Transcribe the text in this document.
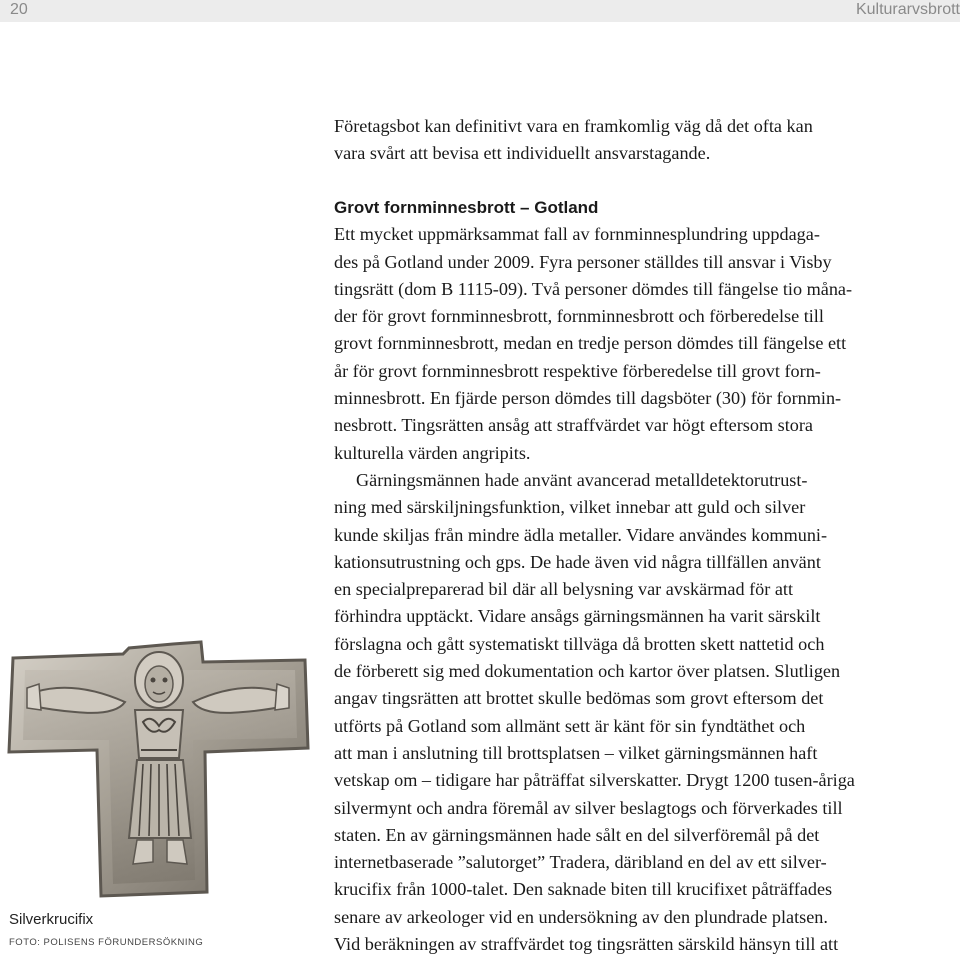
20	Kulturarvsbrott
Företagsbot kan definitivt vara en framkomlig väg då det ofta kan
vara svårt att bevisa ett individuellt ansvarstagande.
Grovt fornminnesbrott – Gotland
Ett mycket uppmärksammat fall av fornminnesplundring uppdaga-
des på Gotland under 2009. Fyra personer ställdes till ansvar i Visby
tingsrätt (dom B 1115-09). Två personer dömdes till fängelse tio måna-
der för grovt fornminnesbrott, fornminnesbrott och förberedelse till
grovt fornminnesbrott, medan en tredje person dömdes till fängelse ett
år för grovt fornminnesbrott respektive förberedelse till grovt forn-
minnesbrott. En fjärde person dömdes till dagsböter (30) för fornmin-
nesbrott. Tingsrätten ansåg att straffvärdet var högt eftersom stora
kulturella värden angripits.
Gärningsmännen hade använt avancerad metalldetektorutrust-
ning med särskiljningsfunktion, vilket innebar att guld och silver
kunde skiljas från mindre ädla metaller. Vidare användes kommuni-
kationsutrustning och gps. De hade även vid några tillfällen använt
en specialpreparerad bil där all belysning var avskärmad för att
förhindra upptäckt. Vidare ansågs gärningsmännen ha varit särskilt
förslagna och gått systematiskt tillväga då brotten skett nattetid och
de förberett sig med dokumentation och kartor över platsen. Slutligen
angav tingsrätten att brottet skulle bedömas som grovt eftersom det
utförts på Gotland som allmänt sett är känt för sin fyndtäthet och
att man i anslutning till brottsplatsen – vilket gärningsmännen haft
vetskap om – tidigare har påträffat silverskatter. Drygt 1200 tusen-åriga
silvermynt och andra föremål av silver beslagtogs och förverkades till
staten. En av gärningsmännen hade sålt en del silverföremål på det
internetbaserade ”salutorget” Tradera, däribland en del av ett silver-
krucifix från 1000-talet. Den saknade biten till krucifixet påträffades
senare av arkeologer vid en undersökning av den plundrade platsen.
Vid beräkningen av straffvärdet tog tingsrätten särskild hänsyn till att
Silverkrucifix
FOTO: POLISENS FÖRUNDERSÖKNING
